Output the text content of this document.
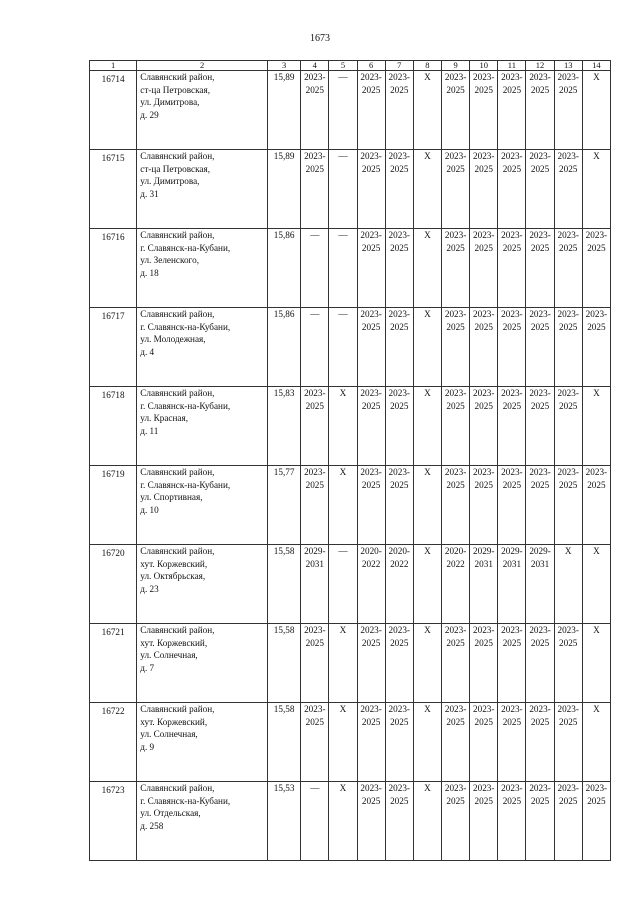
1673
1	2	3	4	5	6	7	8	9	10	11	12	13	14
16714	Славянский район,
ст-ца Петровская,
ул. Димитрова,
д. 29	15,89	2023-
2025	—	2023-
2025	2023-
2025	X	2023-
2025	2023-
2025	2023-
2025	2023-
2025	2023-
2025	X
16715	Славянский район,
ст-ца Петровская,
ул. Димитрова,
д. 31	15,89	2023-
2025	—	2023-
2025	2023-
2025	X	2023-
2025	2023-
2025	2023-
2025	2023-
2025	2023-
2025	X
16716	Славянский район,
г. Славянск-на-Кубани,
ул. Зеленского,
д. 18	15,86	—	—	2023-
2025	2023-
2025	X	2023-
2025	2023-
2025	2023-
2025	2023-
2025	2023-
2025	2023-
2025
16717	Славянский район,
г. Славянск-на-Кубани,
ул. Молодежная,
д. 4	15,86	—	—	2023-
2025	2023-
2025	X	2023-
2025	2023-
2025	2023-
2025	2023-
2025	2023-
2025	2023-
2025
16718	Славянский район,
г. Славянск-на-Кубани,
ул. Красная,
д. 11	15,83	2023-
2025	X	2023-
2025	2023-
2025	X	2023-
2025	2023-
2025	2023-
2025	2023-
2025	2023-
2025	X
16719	Славянский район,
г. Славянск-на-Кубани,
ул. Спортивная,
д. 10	15,77	2023-
2025	X	2023-
2025	2023-
2025	X	2023-
2025	2023-
2025	2023-
2025	2023-
2025	2023-
2025	2023-
2025
16720	Славянский район,
хут. Коржевский,
ул. Октябрьская,
д. 23	15,58	2029-
2031	—	2020-
2022	2020-
2022	X	2020-
2022	2029-
2031	2029-
2031	2029-
2031	X	X
16721	Славянский район,
хут. Коржевский,
ул. Солнечная,
д. 7	15,58	2023-
2025	X	2023-
2025	2023-
2025	X	2023-
2025	2023-
2025	2023-
2025	2023-
2025	2023-
2025	X
16722	Славянский район,
хут. Коржевский,
ул. Солнечная,
д. 9	15,58	2023-
2025	X	2023-
2025	2023-
2025	X	2023-
2025	2023-
2025	2023-
2025	2023-
2025	2023-
2025	X
16723	Славянский район,
г. Славянск-на-Кубани,
ул. Отдельская,
д. 258	15,53	—	X	2023-
2025	2023-
2025	X	2023-
2025	2023-
2025	2023-
2025	2023-
2025	2023-
2025	2023-
2025
